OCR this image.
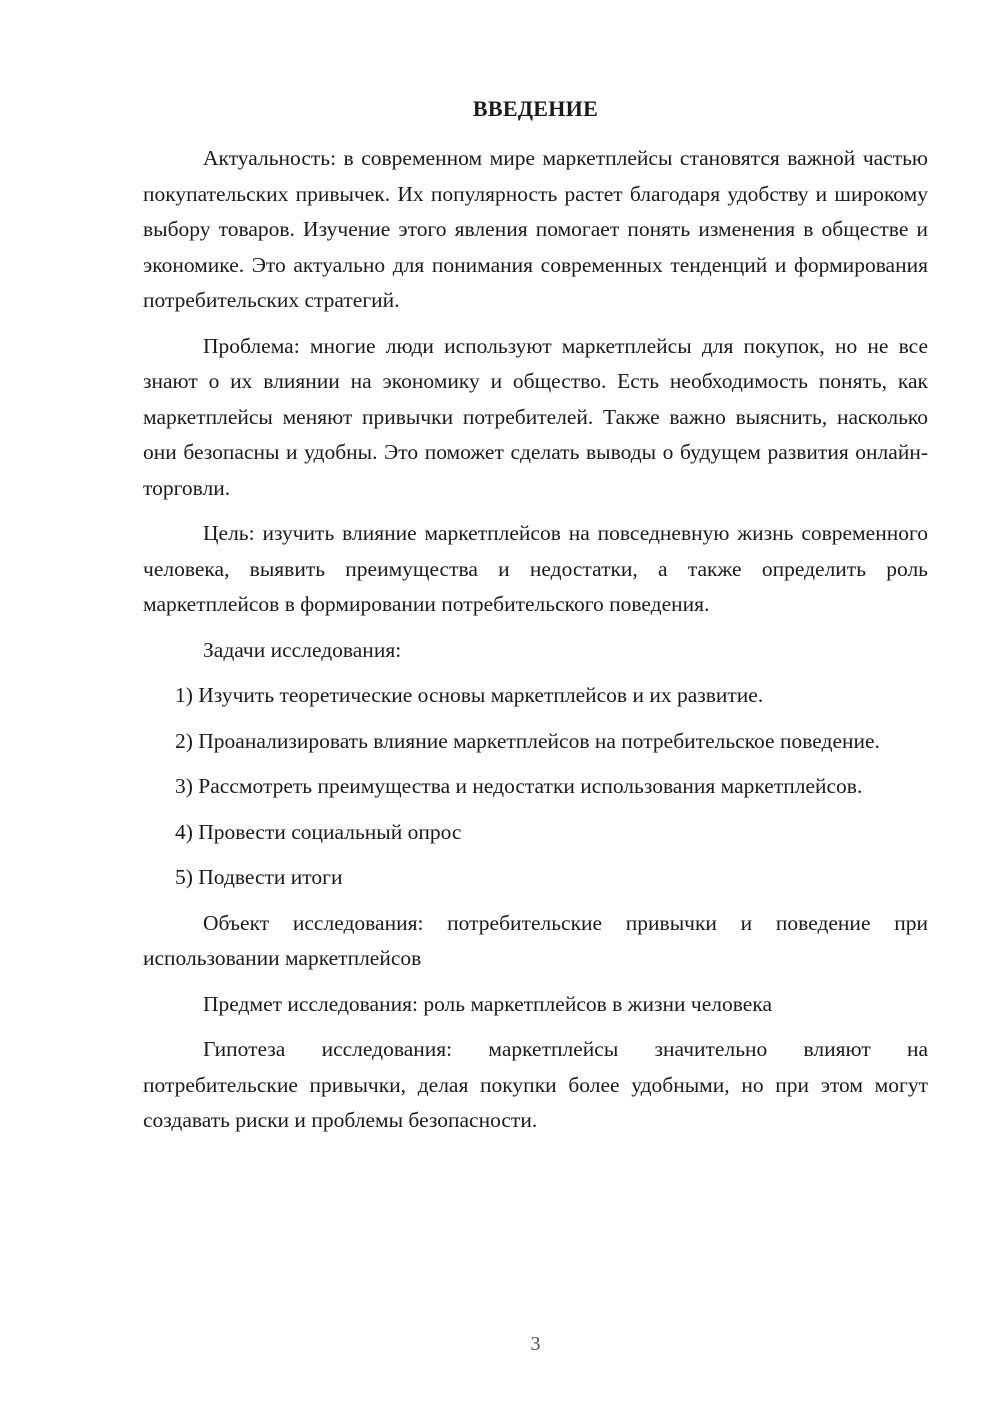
ВВЕДЕНИЕ

Актуальность: в современном мире маркетплейсы становятся важной частью покупательских привычек. Их популярность растет благодаря удобству и широкому выбору товаров. Изучение этого явления помогает понять изменения в обществе и экономике. Это актуально для понимания современных тенденций и формирования потребительских стратегий.

Проблема: многие люди используют маркетплейсы для покупок, но не все знают о их влиянии на экономику и общество. Есть необходимость понять, как маркетплейсы меняют привычки потребителей. Также важно выяснить, насколько они безопасны и удобны. Это поможет сделать выводы о будущем развития онлайн-торговли.

Цель: изучить влияние маркетплейсов на повседневную жизнь современного человека, выявить преимущества и недостатки, а также определить роль маркетплейсов в формировании потребительского поведения.

Задачи исследования:

1) Изучить теоретические основы маркетплейсов и их развитие.

2) Проанализировать влияние маркетплейсов на потребительское поведение.

3) Рассмотреть преимущества и недостатки использования маркетплейсов.

4) Провести социальный опрос

5) Подвести итоги

Объект исследования: потребительские привычки и поведение при использовании маркетплейсов

Предмет исследования: роль маркетплейсов в жизни человека

Гипотеза исследования: маркетплейсы значительно влияют на потребительские привычки, делая покупки более удобными, но при этом могут создавать риски и проблемы безопасности.

3
